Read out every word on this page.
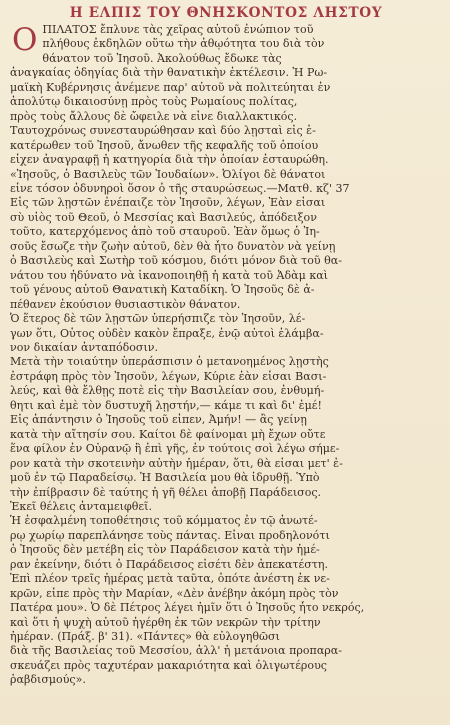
Η ΕΛΠΙΣ ΤΟΥ ΘΝΗΣΚΟΝΤΟΣ ΛΗΣΤΟΥ
Ο ΠΙΛΑΤΟΣ ἔπλυνε τὰς χεῖρας αὐτοῦ ἐνώπιον τοῦ
πλήθους ἐκδηλῶν οὕτω τὴν ἀθῳότητα του διὰ τὸν
θάνατον τοῦ Ἰησοῦ. Ἀκολούθως ἔδωκε τὰς
ἀναγκαίας ὁδηγίας διὰ τὴν θανατικὴν ἐκτέλεσιν. Ἡ Ρω-
μαϊκὴ Κυβέρνησις ἀνέμενε παρ' αὐτοῦ νὰ πολιτεύηται ἐν
ἀπολύτῳ δικαιοσύνῃ πρὸς τοὺς Ρωμαίους πολίτας,
πρὸς τοὺς ἄλλους δὲ ὤφειλε νὰ εἶνε διαλλακτικός.
Ταυτοχρόνως συνεσταυρώθησαν καὶ δύο λῃσταὶ εἰς ἑ-
κατέρωθεν τοῦ Ἰησοῦ, ἄνωθεν τῆς κεφαλῆς τοῦ ὁποίου
εἶχεν ἀναγραφῇ ἡ κατηγορία διὰ τὴν ὁποίαν ἐσταυρώθη.
«Ἰησοῦς, ὁ Βασιλεὺς τῶν Ἰουδαίων». Ὀλίγοι δὲ θάνατοι
εἶνε τόσον ὀδυνηροὶ ὅσον ὁ τῆς σταυρώσεως.—Ματθ. κζ' 37
Εἷς τῶν λῃστῶν ἐνέπαιζε τὸν Ἰησοῦν, λέγων, Ἐὰν εἶσαι
σὺ υἱὸς τοῦ Θεοῦ, ὁ Μεσσίας καὶ Βασιλεύς, ἀπόδειξον
τοῦτο, κατερχόμενος ἀπὸ τοῦ σταυροῦ. Ἐὰν ὅμως ὁ Ἰη-
σοῦς ἔσωζε τὴν ζωὴν αὐτοῦ, δὲν θὰ ἦτο δυνατὸν νὰ γείνῃ
ὁ Βασιλεὺς καὶ Σωτὴρ τοῦ κόσμου, διότι μόνον διὰ τοῦ θα-
νάτου του ἠδύνατο νὰ ἱκανοποιηθῇ ἡ κατὰ τοῦ Ἀδὰμ καὶ
τοῦ γένους αὐτοῦ Θανατικὴ Καταδίκη. Ὁ Ἰησοῦς δὲ ἀ-
πέθανεν ἑκούσιον θυσιαστικὸν θάνατον.
Ὁ ἕτερος δὲ τῶν λῃστῶν ὑπερήσπιζε τὸν Ἰησοῦν, λέ-
γων ὅτι, Οὗτος οὐδὲν κακὸν ἔπραξε, ἐνῷ αὐτοὶ ἐλάμβα-
νον δικαίαν ἀνταπόδοσιν.
Μετὰ τὴν τοιαύτην ὑπεράσπισιν ὁ μετανοημένος λῃστὴς
ἐστράφη πρὸς τὸν Ἰησοῦν, λέγων, Κύριε ἐὰν εἶσαι Βασι-
λεύς, καὶ θὰ ἔλθῃς ποτὲ εἰς τὴν Βασιλείαν σου, ἐνθυμή-
θητι καὶ ἐμὲ τὸν δυστυχῆ λῃστήν,— κάμε τι καὶ δι' ἐμέ!
Εἰς ἀπάντησιν ὁ Ἰησοῦς τοῦ εἶπεν, Ἀμήν! — ἂς γείνῃ
κατὰ τὴν αἴτησίν σου. Καίτοι δὲ φαίνομαι μὴ ἔχων οὔτε
ἕνα φίλον ἐν Οὐρανῷ ἢ ἐπὶ γῆς, ἐν τούτοις σοὶ λέγω σήμε-
ρον κατὰ τὴν σκοτεινὴν αὐτὴν ἡμέραν, ὅτι, θὰ εἶσαι μετ' ἐ-
μοῦ ἐν τῷ Παραδείσῳ. Ἡ Βασιλεία μου θὰ ἱδρυθῇ. Ὑπὸ
τὴν ἐπίβρασιν δὲ ταύτης ἡ γῆ θέλει ἀποβῇ Παράδεισος.
Ἐκεῖ θέλεις ἀνταμειφθεῖ.
Ἡ ἐσφαλμένη τοποθέτησις τοῦ κόμματος ἐν τῷ ἀνωτέ-
ρῳ χωρίῳ παρεπλάνησε τοὺς πάντας. Εἶναι προδηλονότι
ὁ Ἰησοῦς δὲν μετέβη εἰς τὸν Παράδεισον κατὰ τὴν ἡμέ-
ραν ἐκείνην, διότι ὁ Παράδεισος εἰσέτι δὲν ἀπεκατέστη.
Ἐπὶ πλέον τρεῖς ἡμέρας μετὰ ταῦτα, ὁπότε ἀνέστη ἐκ νε-
κρῶν, εἶπε πρὸς τὴν Μαρίαν, «Δὲν ἀνέβην ἀκόμη πρὸς τὸν
Πατέρα μου». Ὁ δὲ Πέτρος λέγει ἡμῖν ὅτι ὁ Ἰησοῦς ἦτο νεκρός,
καὶ ὅτι ἡ ψυχὴ αὐτοῦ ἠγέρθη ἐκ τῶν νεκρῶν τὴν τρίτην
ἡμέραν. (Πράξ. β' 31). «Πάντες» θὰ εὐλογηθῶσι
διὰ τῆς Βασιλείας τοῦ Μεσσίου, ἀλλ' ἡ μετάνοια προπαρα-
σκευάζει πρὸς ταχυτέραν μακαριότητα καὶ ὀλιγωτέρους
ῥαβδισμούς».
